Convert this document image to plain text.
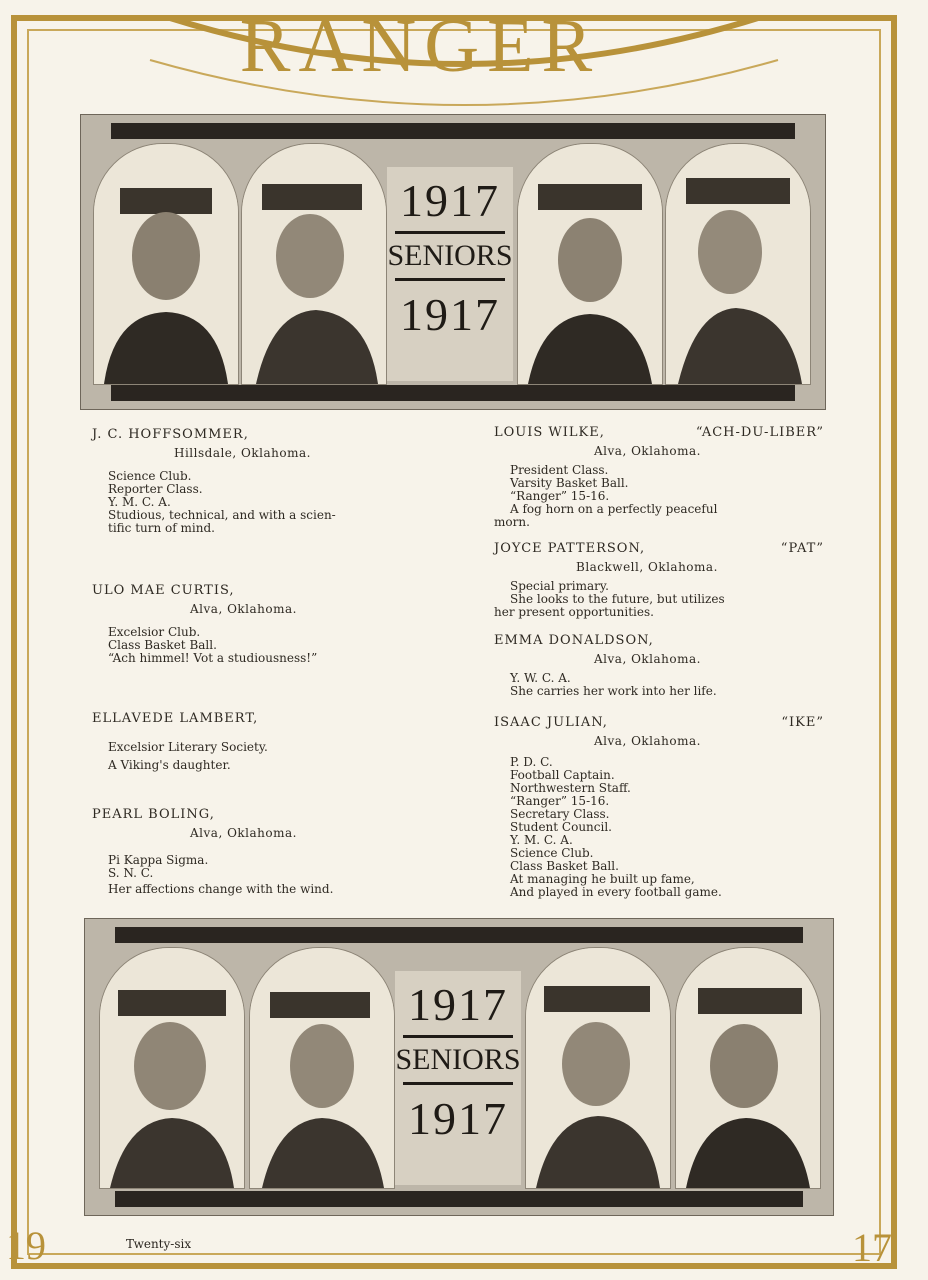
RANGER
1917
SENIORS
1917
J. C. HOFFSOMMER,
Hillsdale, Oklahoma.
Science Club.
Reporter Class.
Y. M. C. A.
Studious, technical, and with a scien-
tific turn of mind.
ULO MAE CURTIS,
Alva, Oklahoma.
Excelsior Club.
Class Basket Ball.
“Ach himmel! Vot a studiousness!”
ELLAVEDE LAMBERT,
Excelsior Literary Society.
A Viking's daughter.
PEARL BOLING,
Alva, Oklahoma.
Pi Kappa Sigma.
S. N. C.
Her affections change with the wind.
LOUIS WILKE,	“ACH-DU-LIBER”
Alva, Oklahoma.
President Class.
Varsity Basket Ball.
“Ranger” 15-16.
A fog horn on a perfectly peaceful
morn.
JOYCE PATTERSON,	“PAT”
Blackwell, Oklahoma.
Special primary.
She looks to the future, but utilizes
her present opportunities.
EMMA DONALDSON,
Alva, Oklahoma.
Y. W. C. A.
She carries her work into her life.
ISAAC JULIAN,	“IKE”
Alva, Oklahoma.
P. D. C.
Football Captain.
Northwestern Staff.
“Ranger” 15-16.
Secretary Class.
Student Council.
Y. M. C. A.
Science Club.
Class Basket Ball.
At managing he built up fame,
And played in every football game.
1917
SENIORS
1917
Twenty-six
19	17
